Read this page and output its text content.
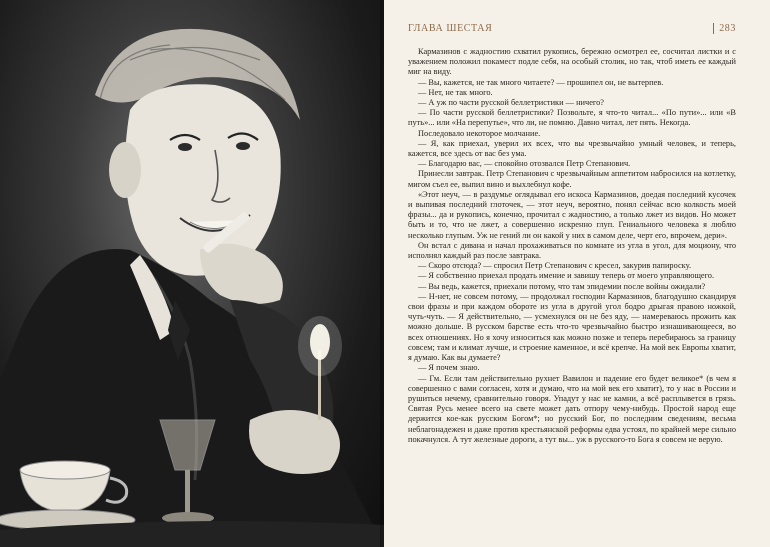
ГЛАВА ШЕСТАЯ	283

Кармазинов с жадностию схватил рукопись, бережно осмотрел ее, сосчитал листки и с уважением положил покамест подле себя, на особый столик, но так, чтоб иметь ее каждый миг на виду.

— Вы, кажется, не так много читаете? — прошипел он, не вытерпев.

— Нет, не так много.

— А уж по части русской беллетристики — ничего?

— По части русской беллетристики? Позвольте, я что-то читал... «По пути»... или «В путь»... или «На перепутье», что ли, не помню. Давно читал, лет пять. Некогда.

Последовало некоторое молчание.

— Я, как приехал, уверил их всех, что вы чрезвычайно умный человек, и теперь, кажется, все здесь от вас без ума.

— Благодарю вас, — спокойно отозвался Петр Степанович.

Принесли завтрак. Петр Степанович с чрезвычайным аппетитом набросился на котлетку, мигом съел ее, выпил вино и выхлебнул кофе.

«Этот неуч, — в раздумье оглядывал его искоса Кармазинов, доедая последний кусочек и выпивая последний глоточек, — этот неуч, вероятно, понял сейчас всю колкость моей фразы... да и рукопись, конечно, прочитал с жадностию, а только лжет из видов. Но может быть и то, что не лжет, а совершенно искренно глуп. Гениального человека я люблю несколько глупым. Уж не гений ли он какой у них в самом деле, черт его, впрочем, дери».

Он встал с дивана и начал прохаживаться по комнате из угла в угол, для моциону, что исполнял каждый раз после завтрака.

— Скоро отсюда? — спросил Петр Степанович с кресел, закурив папироску.

— Я собственно приехал продать имение и завишу теперь от моего управляющего.

— Вы ведь, кажется, приехали потому, что там эпидемии после войны ожидали?

— Н-нет, не совсем потому, — продолжал господин Кармазинов, благодушно скандируя свои фразы и при каждом обороте из угла в другой угол бодро дрыгая правою ножкой, чуть-чуть. — Я действительно, — усмехнулся он не без яду, — намереваюсь прожить как можно дольше. В русском барстве есть что-то чрезвычайно быстро изнашивающееся, во всех отношениях. Но я хочу износиться как можно позже и теперь перебираюсь за границу совсем; там и климат лучше, и строение каменное, и всё крепче. На мой век Европы хватит, я думаю. Как вы думаете?

— Я почем знаю.

— Гм. Если там действительно рухнет Вавилон и падение его будет великое* (в чем я совершенно с вами согласен, хотя и думаю, что на мой век его хватит), то у нас в России и рушиться нечему, сравнительно говоря. Упадут у нас не камни, а всё расплывется в грязь. Святая Русь менее всего на свете может дать отпору чему-нибудь. Простой народ еще держится кое-как русским Богом*; но русский Бог, по последним сведениям, весьма неблагонадежен и даже против крестьянской реформы едва устоял, по крайней мере сильно покачнулся. А тут железные дороги, а тут вы... уж в русского-то Бога я совсем не верую.
